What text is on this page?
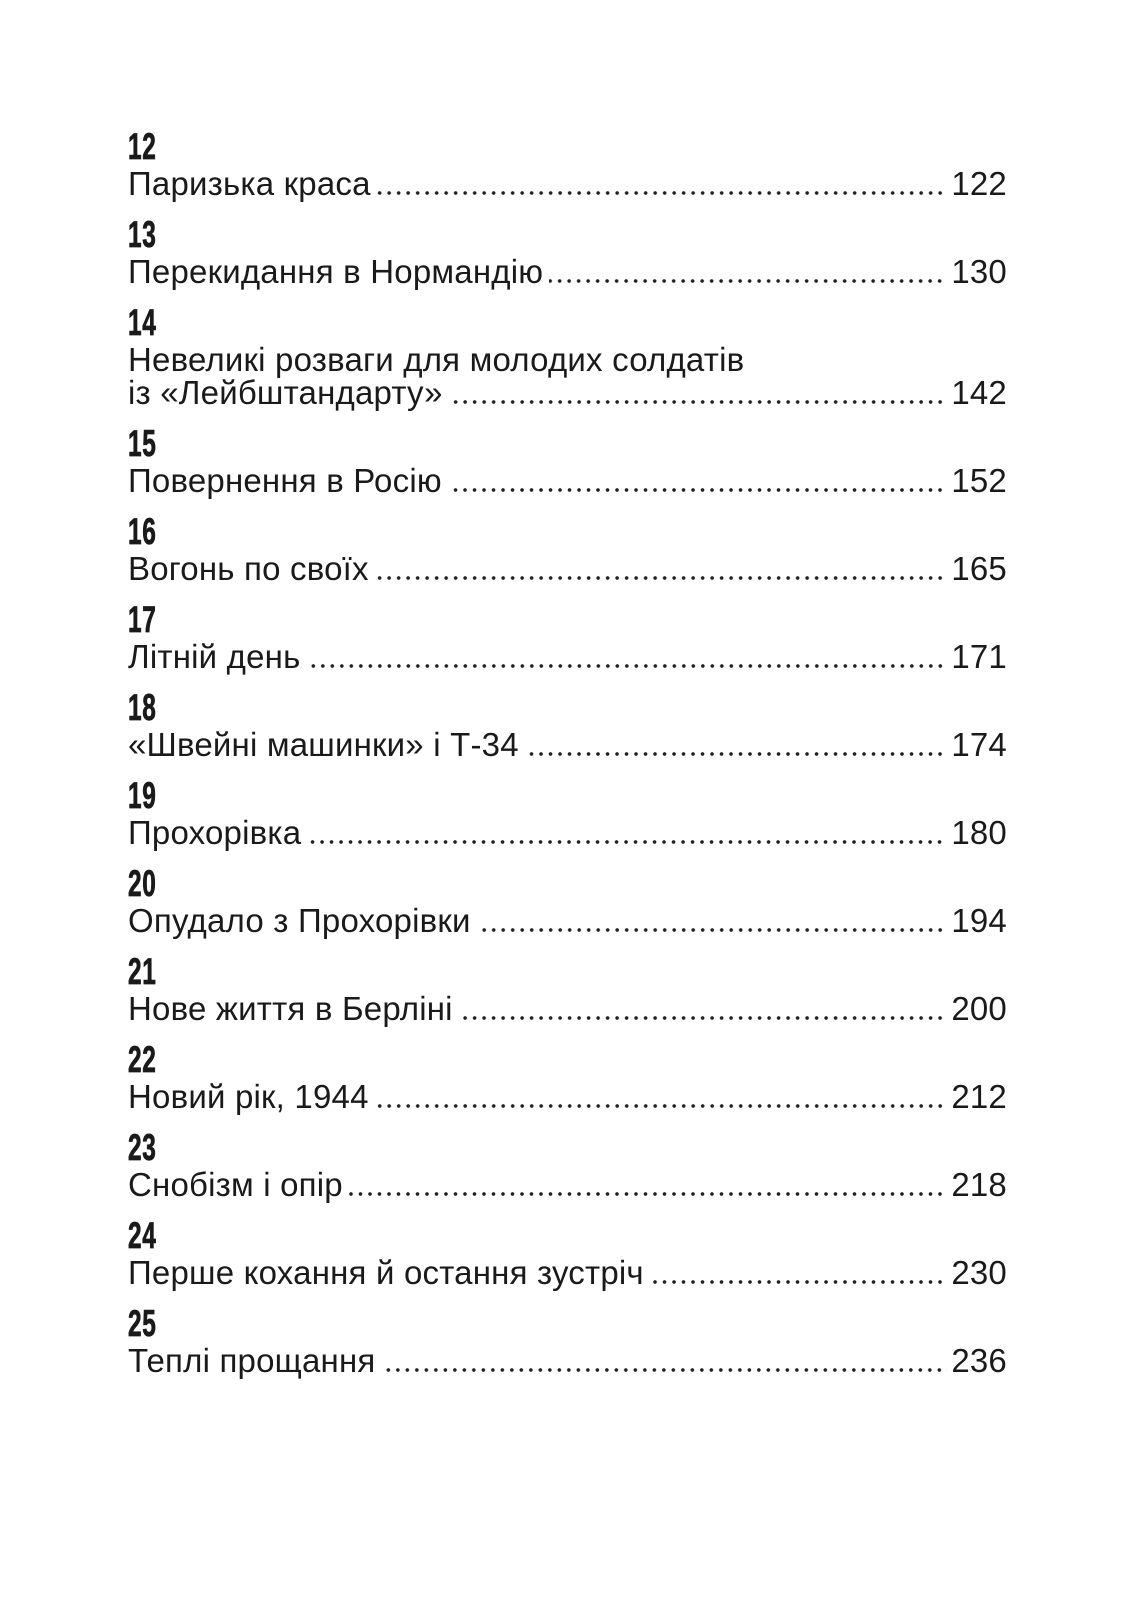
12
Паризька краса	122
13
Перекидання в Нормандію	130
14
Невеликі розваги для молодих солдатів
із «Лейбштандарту»	142
15
Повернення в Росію	152
16
Вогонь по своїх	165
17
Літній день	171
18
«Швейні машинки» і Т-34	174
19
Прохорівка	180
20
Опудало з Прохорівки	194
21
Нове життя в Берліні	200
22
Новий рік, 1944	212
23
Снобізм і опір	218
24
Перше кохання й остання зустріч	230
25
Теплі прощання	236
